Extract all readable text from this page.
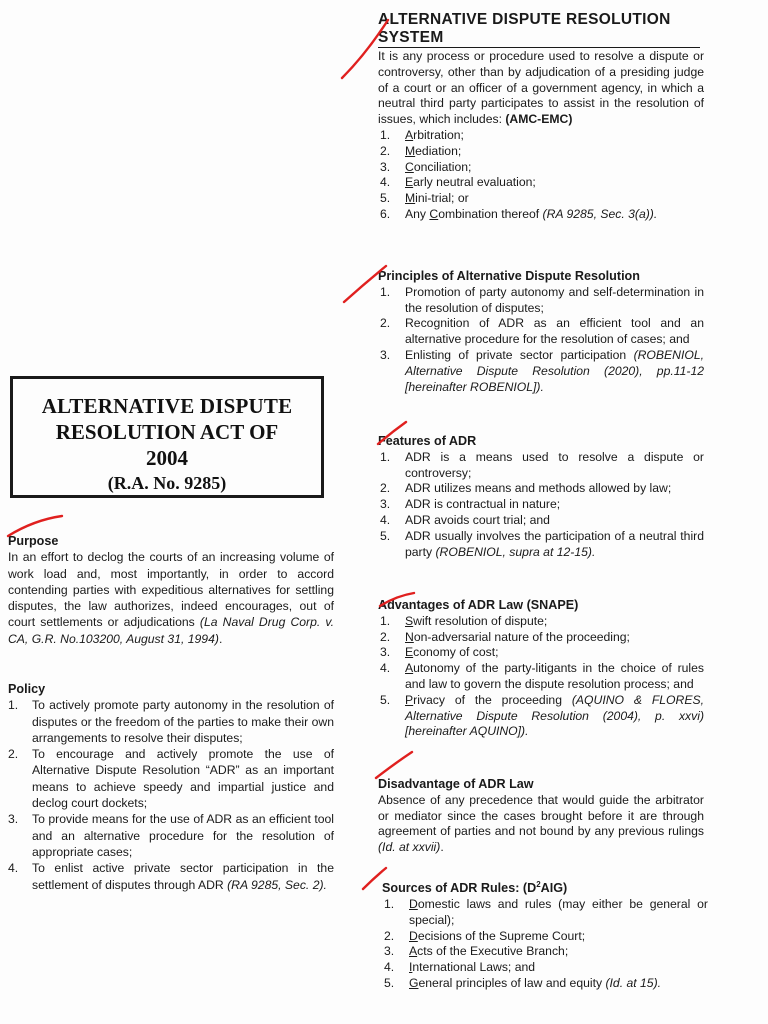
ALTERNATIVE DISPUTE
RESOLUTION ACT OF
2004
(R.A. No. 9285)
Purpose
In an effort to declog the courts of an increasing volume of work load and, most importantly, in order to accord contending parties with expeditious alternatives for settling disputes, the law authorizes, indeed encourages, out of court settlements or adjudications (La Naval Drug Corp. v. CA, G.R. No.103200, August 31, 1994).
Policy
1. To actively promote party autonomy in the resolution of disputes or the freedom of the parties to make their own arrangements to resolve their disputes;
2. To encourage and actively promote the use of Alternative Dispute Resolution “ADR” as an important means to achieve speedy and impartial justice and declog court dockets;
3. To provide means for the use of ADR as an efficient tool and an alternative procedure for the resolution of appropriate cases;
4. To enlist active private sector participation in the settlement of disputes through ADR (RA 9285, Sec. 2).
ALTERNATIVE DISPUTE RESOLUTION
SYSTEM
It is any process or procedure used to resolve a dispute or controversy, other than by adjudication of a presiding judge of a court or an officer of a government agency, in which a neutral third party participates to assist in the resolution of issues, which includes: (AMC-EMC)
1. Arbitration;
2. Mediation;
3. Conciliation;
4. Early neutral evaluation;
5. Mini-trial; or
6. Any Combination thereof (RA 9285, Sec. 3(a)).
Principles of Alternative Dispute Resolution
1. Promotion of party autonomy and self-determination in the resolution of disputes;
2. Recognition of ADR as an efficient tool and an alternative procedure for the resolution of cases; and
3. Enlisting of private sector participation (ROBENIOL, Alternative Dispute Resolution (2020), pp.11-12 [hereinafter ROBENIOL]).
Features of ADR
1. ADR is a means used to resolve a dispute or controversy;
2. ADR utilizes means and methods allowed by law;
3. ADR is contractual in nature;
4. ADR avoids court trial; and
5. ADR usually involves the participation of a neutral third party (ROBENIOL, supra at 12-15).
Advantages of ADR Law (SNAPE)
1. Swift resolution of dispute;
2. Non-adversarial nature of the proceeding;
3. Economy of cost;
4. Autonomy of the party-litigants in the choice of rules and law to govern the dispute resolution process; and
5. Privacy of the proceeding (AQUINO & FLORES, Alternative Dispute Resolution (2004), p. xxvi) [hereinafter AQUINO]).
Disadvantage of ADR Law
Absence of any precedence that would guide the arbitrator or mediator since the cases brought before it are through agreement of parties and not bound by any previous rulings (Id. at xxvii).
Sources of ADR Rules: $(D^2AIG)$
1. Domestic laws and rules (may either be general or special);
2. Decisions of the Supreme Court;
3. Acts of the Executive Branch;
4. International Laws; and
5. General principles of law and equity (Id. at 15).
